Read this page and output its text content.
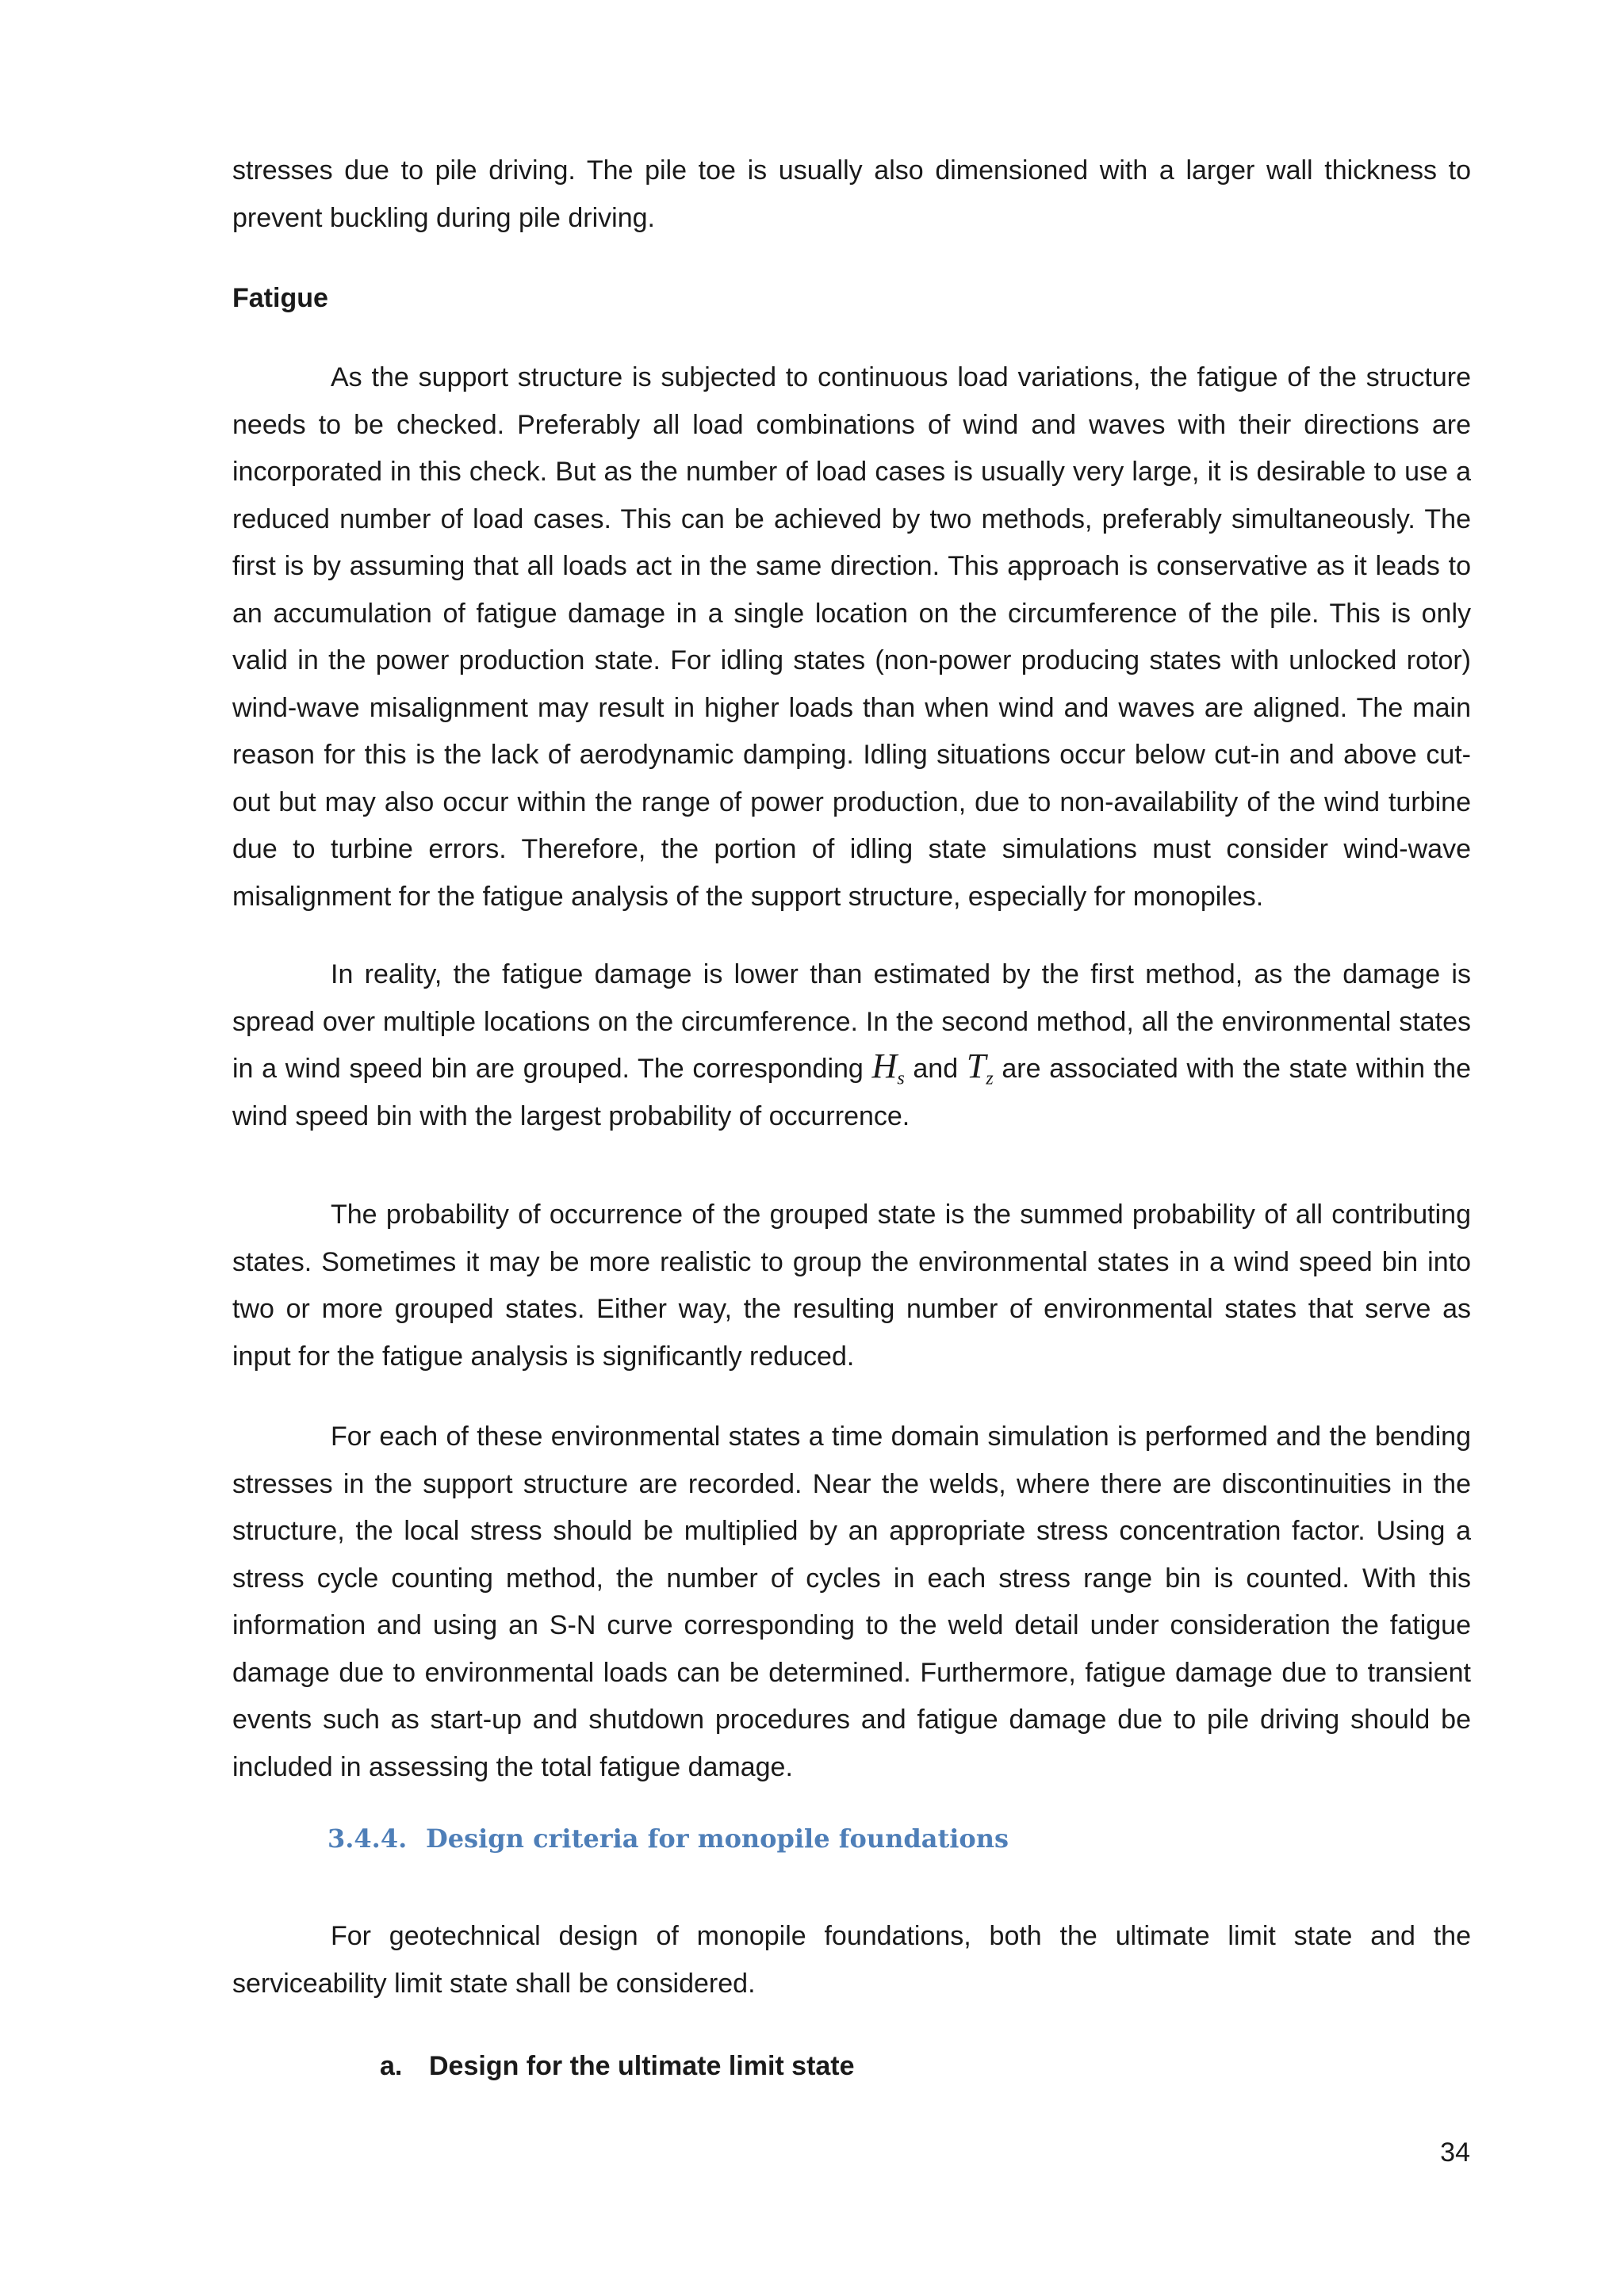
stresses due to pile driving. The pile toe is usually also dimensioned with a larger wall thickness to prevent buckling during pile driving.

Fatigue

As the support structure is subjected to continuous load variations, the fatigue of the structure needs to be checked. Preferably all load combinations of wind and waves with their directions are incorporated in this check. But as the number of load cases is usually very large, it is desirable to use a reduced number of load cases. This can be achieved by two methods, preferably simultaneously. The first is by assuming that all loads act in the same direction. This approach is conservative as it leads to an accumulation of fatigue damage in a single location on the circumference of the pile. This is only valid in the power production state. For idling states (non-power producing states with unlocked rotor) wind-wave misalignment may result in higher loads than when wind and waves are aligned. The main reason for this is the lack of aerodynamic damping. Idling situations occur below cut-in and above cut-out but may also occur within the range of power production, due to non-availability of the wind turbine due to turbine errors. Therefore, the portion of idling state simulations must consider wind-wave misalignment for the fatigue analysis of the support structure, especially for monopiles.

In reality, the fatigue damage is lower than estimated by the first method, as the damage is spread over multiple locations on the circumference. In the second method, all the environmental states in a wind speed bin are grouped. The corresponding $H_s$ and $T_z$ are associated with the state within the wind speed bin with the largest probability of occurrence.

The probability of occurrence of the grouped state is the summed probability of all contributing states. Sometimes it may be more realistic to group the environmental states in a wind speed bin into two or more grouped states. Either way, the resulting number of environmental states that serve as input for the fatigue analysis is significantly reduced.

For each of these environmental states a time domain simulation is performed and the bending stresses in the support structure are recorded. Near the welds, where there are discontinuities in the structure, the local stress should be multiplied by an appropriate stress concentration factor. Using a stress cycle counting method, the number of cycles in each stress range bin is counted. With this information and using an S-N curve corresponding to the weld detail under consideration the fatigue damage due to environmental loads can be determined. Furthermore, fatigue damage due to transient events such as start-up and shutdown procedures and fatigue damage due to pile driving should be included in assessing the total fatigue damage.

3.4.4. Design criteria for monopile foundations

For geotechnical design of monopile foundations, both the ultimate limit state and the serviceability limit state shall be considered.

a. Design for the ultimate limit state

34
